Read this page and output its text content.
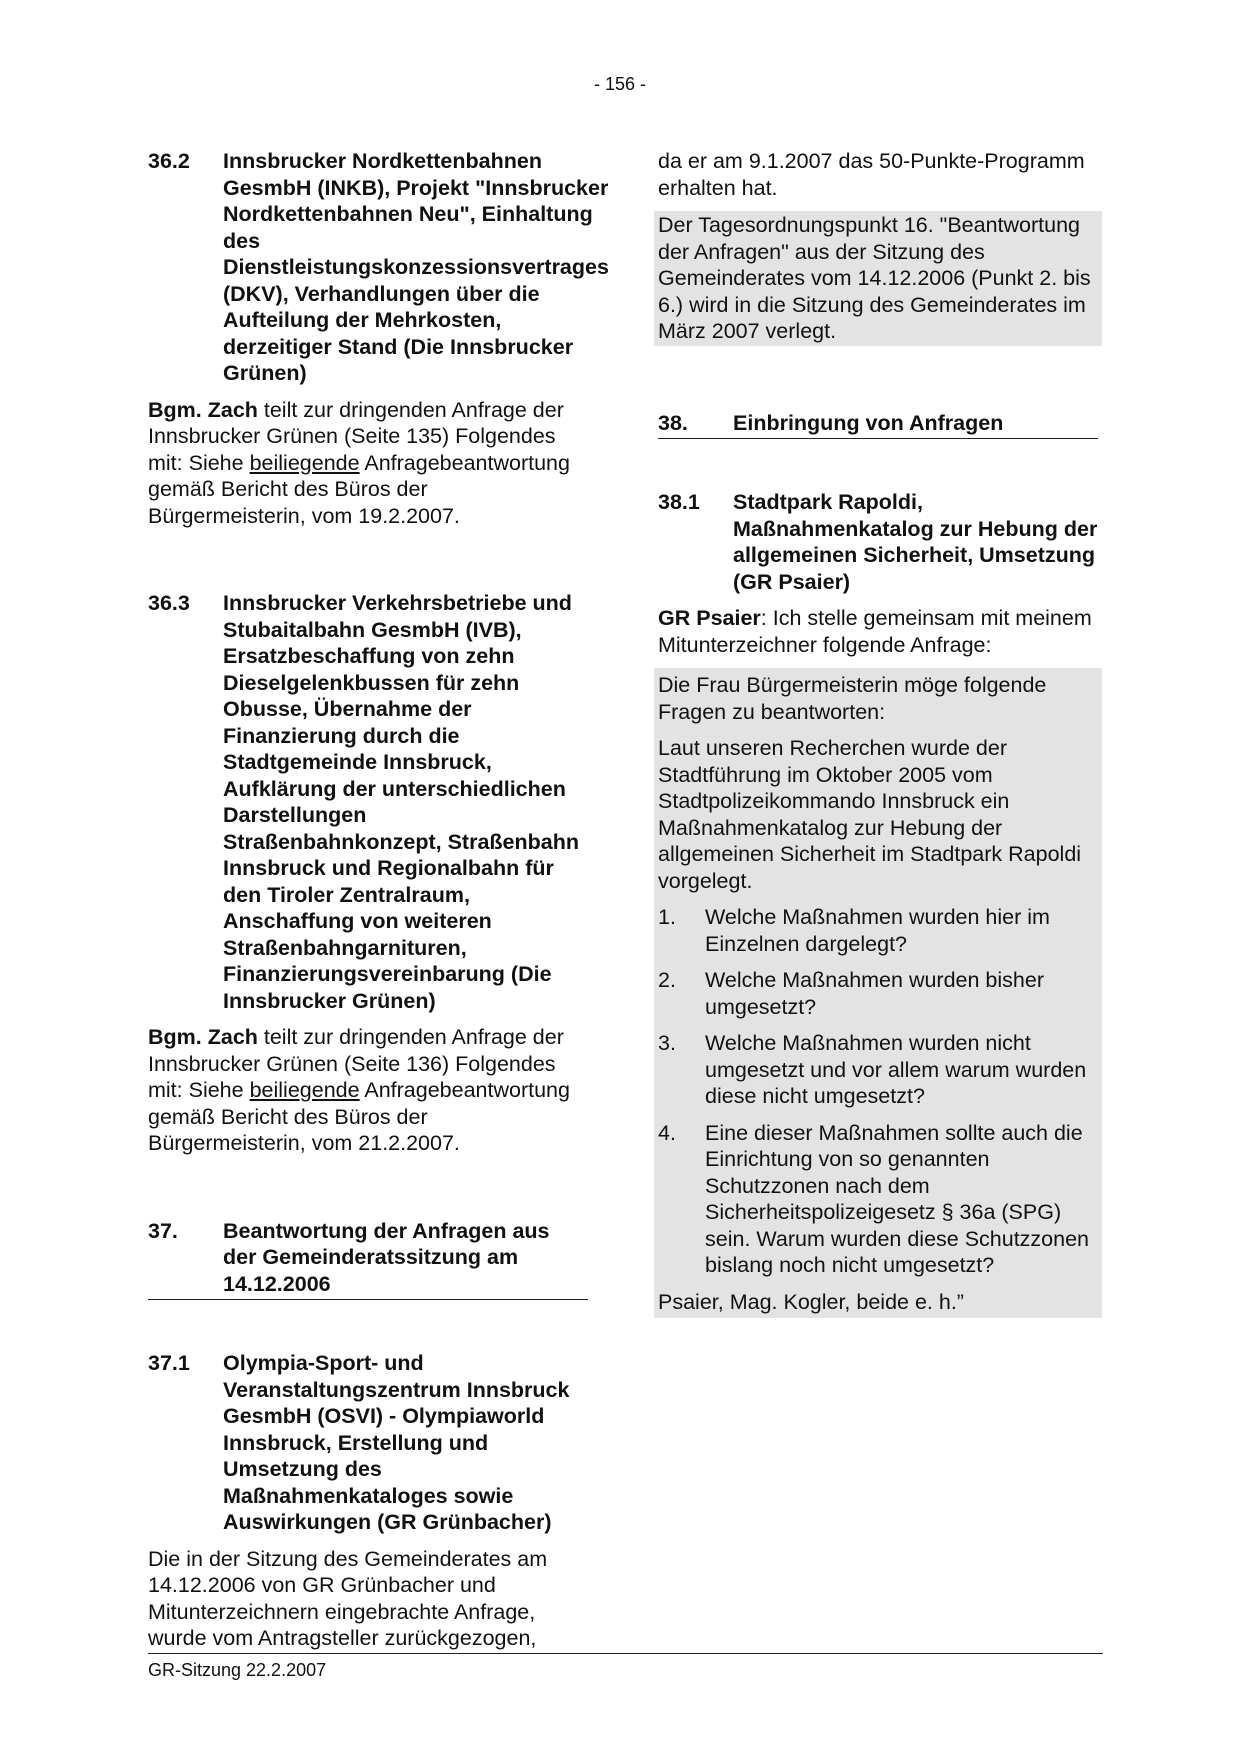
- 156 -
36.2	Innsbrucker Nordkettenbahnen GesmbH (INKB), Projekt "Innsbrucker Nordkettenbahnen Neu", Einhaltung des Dienstleistungskonzessionsvertrages (DKV), Verhandlungen über die Aufteilung der Mehrkosten, derzeitiger Stand (Die Innsbrucker Grünen)

Bgm. Zach teilt zur dringenden Anfrage der Innsbrucker Grünen (Seite 135) Folgendes mit: Siehe beiliegende Anfragebeantwortung gemäß Bericht des Büros der Bürgermeisterin, vom 19.2.2007.

36.3	Innsbrucker Verkehrsbetriebe und Stubaitalbahn GesmbH (IVB), Ersatzbeschaffung von zehn Dieselgelenkbussen für zehn Obusse, Übernahme der Finanzierung durch die Stadtgemeinde Innsbruck, Aufklärung der unterschiedlichen Darstellungen
Straßenbahnkonzept, Straßenbahn Innsbruck und Regionalbahn für den Tiroler Zentralraum, Anschaffung von weiteren Straßenbahngarnituren, Finanzierungsvereinbarung (Die Innsbrucker Grünen)

Bgm. Zach teilt zur dringenden Anfrage der Innsbrucker Grünen (Seite 136) Folgendes mit: Siehe beiliegende Anfragebeantwortung gemäß Bericht des Büros der Bürgermeisterin, vom 21.2.2007.

37.	Beantwortung der Anfragen aus der Gemeinderatssitzung am 14.12.2006
37.1	Olympia-Sport- und Veranstaltungszentrum Innsbruck GesmbH (OSVI) - Olympiaworld Innsbruck, Erstellung und Umsetzung des Maßnahmenkataloges sowie Auswirkungen (GR Grünbacher)

Die in der Sitzung des Gemeinderates am 14.12.2006 von GR Grünbacher und Mitunterzeichnern eingebrachte Anfrage, wurde vom Antragsteller zurückgezogen,

da er am 9.1.2007 das 50-Punkte-Programm erhalten hat.

Der Tagesordnungspunkt 16. "Beantwortung der Anfragen" aus der Sitzung des Gemeinderates vom 14.12.2006 (Punkt 2. bis 6.) wird in die Sitzung des Gemeinderates im März 2007 verlegt.

38.	Einbringung von Anfragen
38.1	Stadtpark Rapoldi, Maßnahmenkatalog zur Hebung der allgemeinen Sicherheit, Umsetzung (GR Psaier)

GR Psaier: Ich stelle gemeinsam mit meinem Mitunterzeichner folgende Anfrage:

Die Frau Bürgermeisterin möge folgende Fragen zu beantworten:

Laut unseren Recherchen wurde der Stadtführung im Oktober 2005 vom Stadtpolizeikommando Innsbruck ein Maßnahmenkatalog zur Hebung der allgemeinen Sicherheit im Stadtpark Rapoldi vorgelegt.

1.	Welche Maßnahmen wurden hier im Einzelnen dargelegt?
2.	Welche Maßnahmen wurden bisher umgesetzt?
3.	Welche Maßnahmen wurden nicht umgesetzt und vor allem warum wurden diese nicht umgesetzt?
4.	Eine dieser Maßnahmen sollte auch die Einrichtung von so genannten Schutzzonen nach dem Sicherheitspolizeigesetz § 36a (SPG) sein. Warum wurden diese Schutzzonen bislang noch nicht umgesetzt?

Psaier, Mag. Kogler, beide e. h.”

GR-Sitzung 22.2.2007
